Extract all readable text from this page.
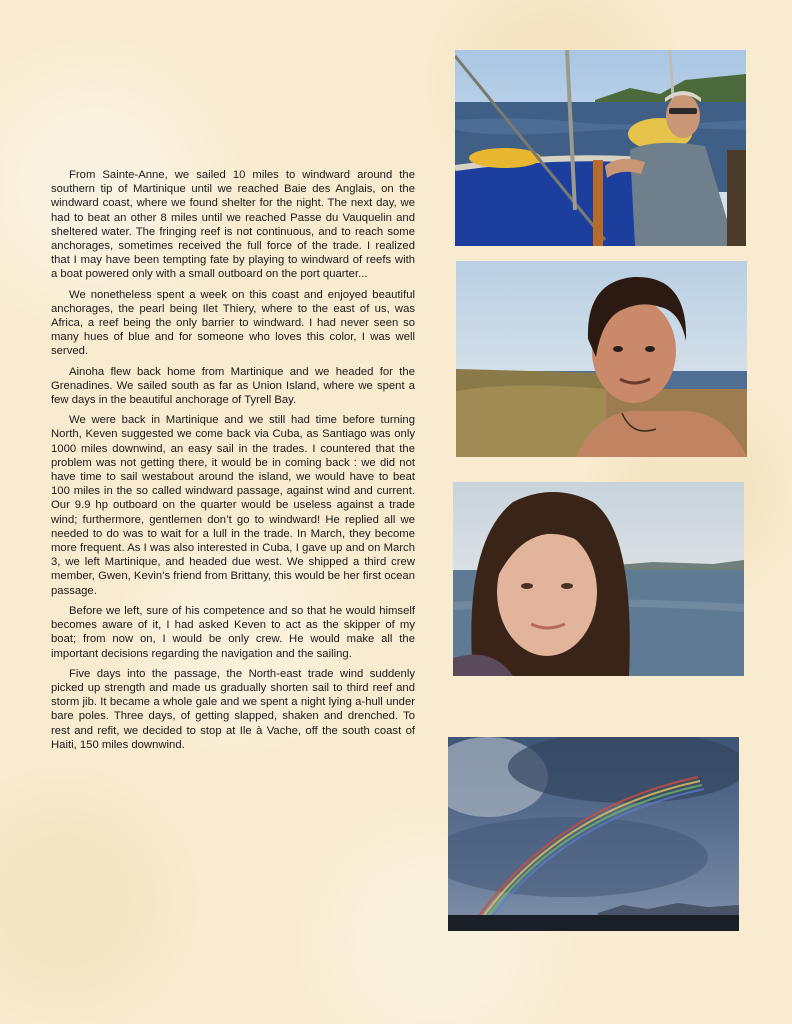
From Sainte-Anne, we sailed 10 miles to windward around the southern tip of Martinique until we reached Baie des Anglais, on the windward coast, where we found shelter for the night. The next day, we had to beat an other 8 miles until we reached Passe du Vauquelin and sheltered water. The fringing reef is not continuous, and to reach some anchorages, sometimes received the full force of the trade. I realized that I may have been tempting fate by playing to windward of reefs with a boat powered only with a small outboard on the port quarter...

We nonetheless spent a week on this coast and enjoyed beautiful anchorages, the pearl being Ilet Thiery, where to the east of us, was Africa, a reef being the only barrier to windward. I had never seen so many hues of blue and for someone who loves this color, I was well served.

Ainoha flew back home from Martinique and we headed for the Grenadines. We sailed south as far as Union Island, where we spent a few days in the beautiful anchorage of Tyrell Bay.

We were back in Martinique and we still had time before turning North, Keven suggested we come back via Cuba, as Santiago was only 1000 miles downwind, an easy sail in the trades. I countered that the problem was not getting there, it would be in coming back : we did not have time to sail westabout around the island, we would have to beat 100 miles in the so called windward passage, against wind and current. Our 9.9 hp outboard on the quarter would be useless against a trade wind; furthermore, gentlemen don’t go to windward! He replied all we needed to do was to wait for a lull in the trade. In March, they become more frequent. As I was also interested in Cuba, I gave up and on March 3, we left Martinique, and headed due west. We shipped a third crew member, Gwen, Kevin’s friend from Brittany, this would be her first ocean passage.

Before we left, sure of his competence and so that he would himself becomes aware of it, I had asked Keven to act as the skipper of my boat; from now on, I would be only crew. He would make all the important decisions regarding the navigation and the sailing.

Five days into the passage, the North-east trade wind suddenly picked up strength and made us gradually shorten sail to third reef and storm jib. It became a whole gale and we spent a night lying a-hull under bare poles. Three days, of getting slapped, shaken and drenched. To rest and refit, we decided to stop at Ile à Vache, off the south coast of Haiti, 150 miles downwind.
